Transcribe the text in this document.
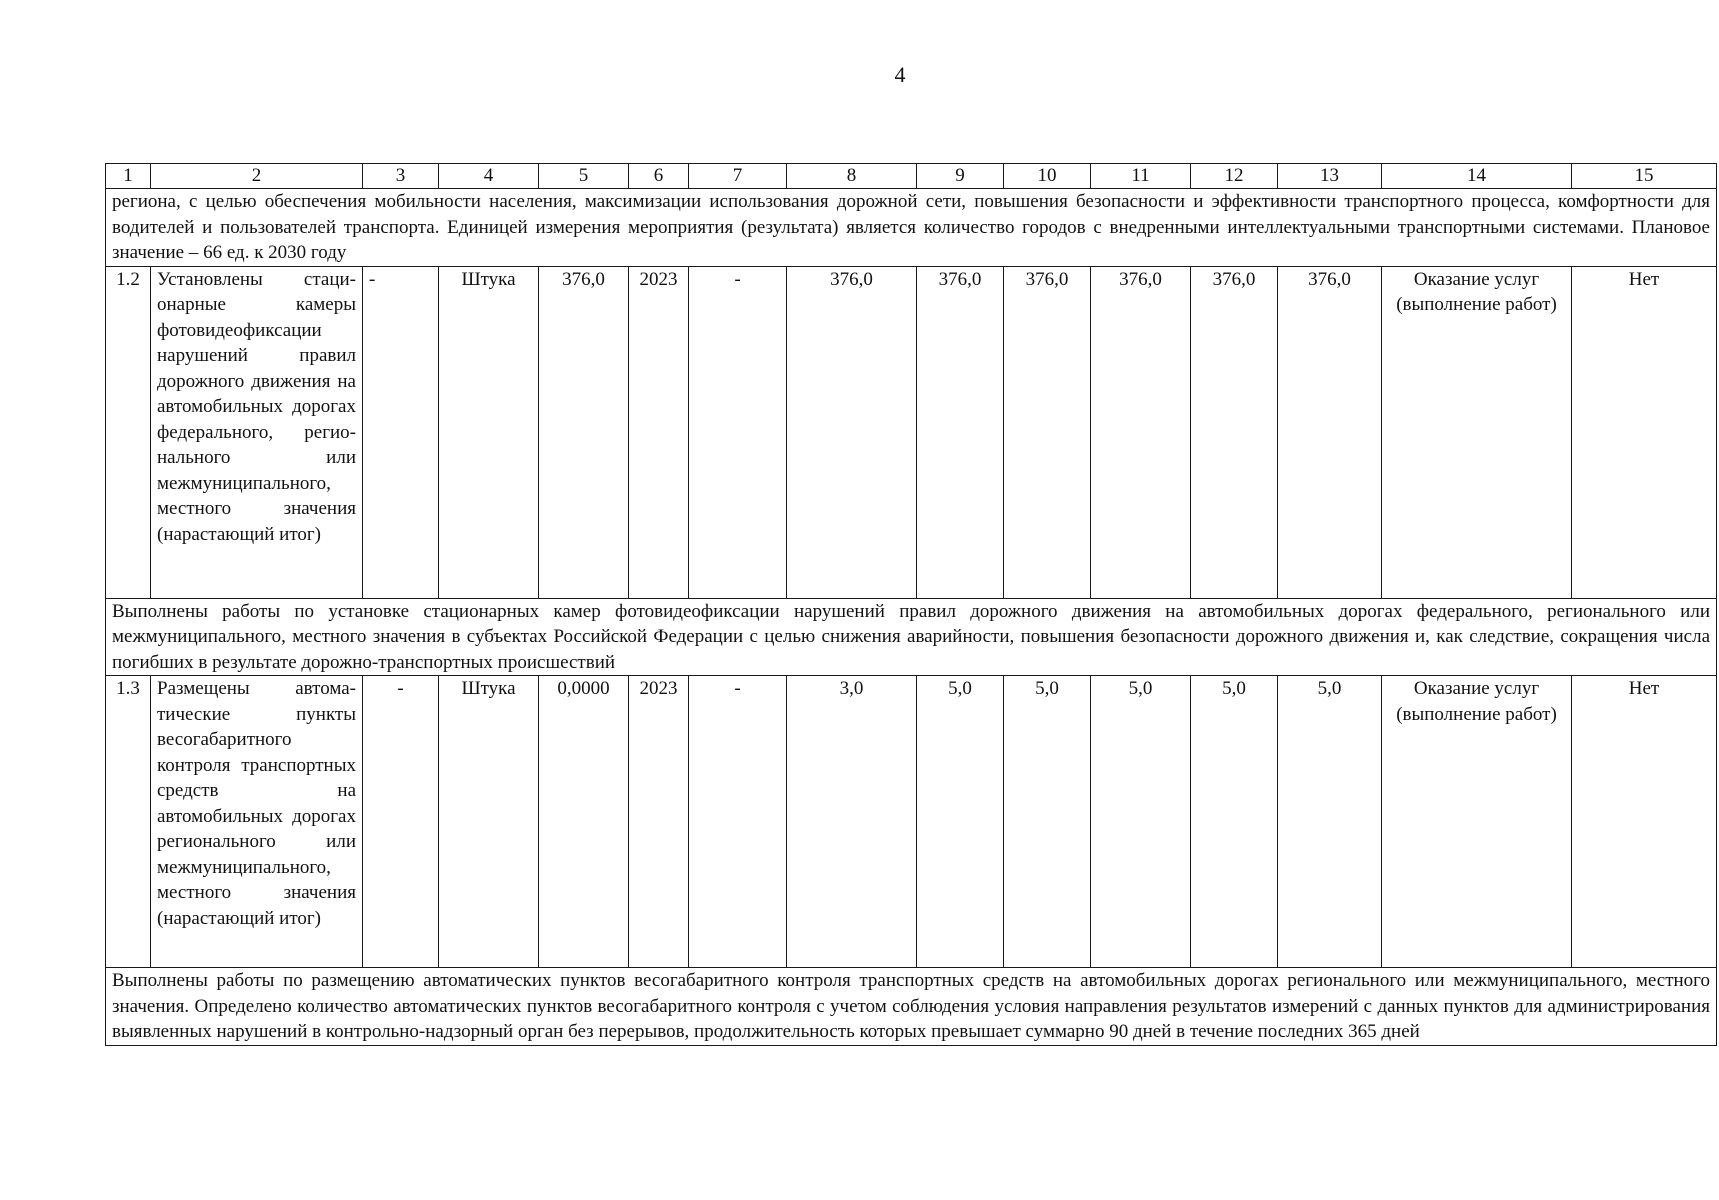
4
1	2	3	4	5	6	7	8	9	10	11	12	13	14	15
региона, с целью обеспечения мобильности населения, максимизации использования дорожной сети, повышения безопасности и эффективности транспортного процесса, комфортности для водителей и пользователей транспорта. Единицей измерения мероприятия (результата) является количество городов с внедренными интеллектуальными транспортными системами. Плановое значение – 66 ед. к 2030 году														
1.2	Установлены стационарные камеры фотовидеофиксации нарушений правил дорожного движения на автомобильных дорогах федерального, регионального или межмуниципального, местного значения (нарастающий итог)	-	Штука	376,0	2023	-	376,0	376,0	376,0	376,0	376,0	376,0	Оказание услуг (выполнение работ)	Нет
Выполнены работы по установке стационарных камер фотовидеофиксации нарушений правил дорожного движения на автомобильных дорогах федерального, регионального или межмуниципального, местного значения в субъектах Российской Федерации с целью снижения аварийности, повышения безопасности дорожного движения и, как следствие, сокращения числа погибших в результате дорожно-транспортных происшествий														
1.3	Размещены автоматические пункты весогабаритного контроля транспортных средств на автомобильных дорогах регионального или межмуниципального, местного значения (нарастающий итог)	-	Штука	0,0000	2023	-	3,0	5,0	5,0	5,0	5,0	5,0	Оказание услуг (выполнение работ)	Нет
Выполнены работы по размещению автоматических пунктов весогабаритного контроля транспортных средств на автомобильных дорогах регионального или межмуниципального, местного значения. Определено количество автоматических пунктов весогабаритного контроля с учетом соблюдения условия направления результатов измерений с данных пунктов для администрирования выявленных нарушений в контрольно-надзорный орган без перерывов, продолжительность которых превышает суммарно 90 дней в течение последних 365 дней														
